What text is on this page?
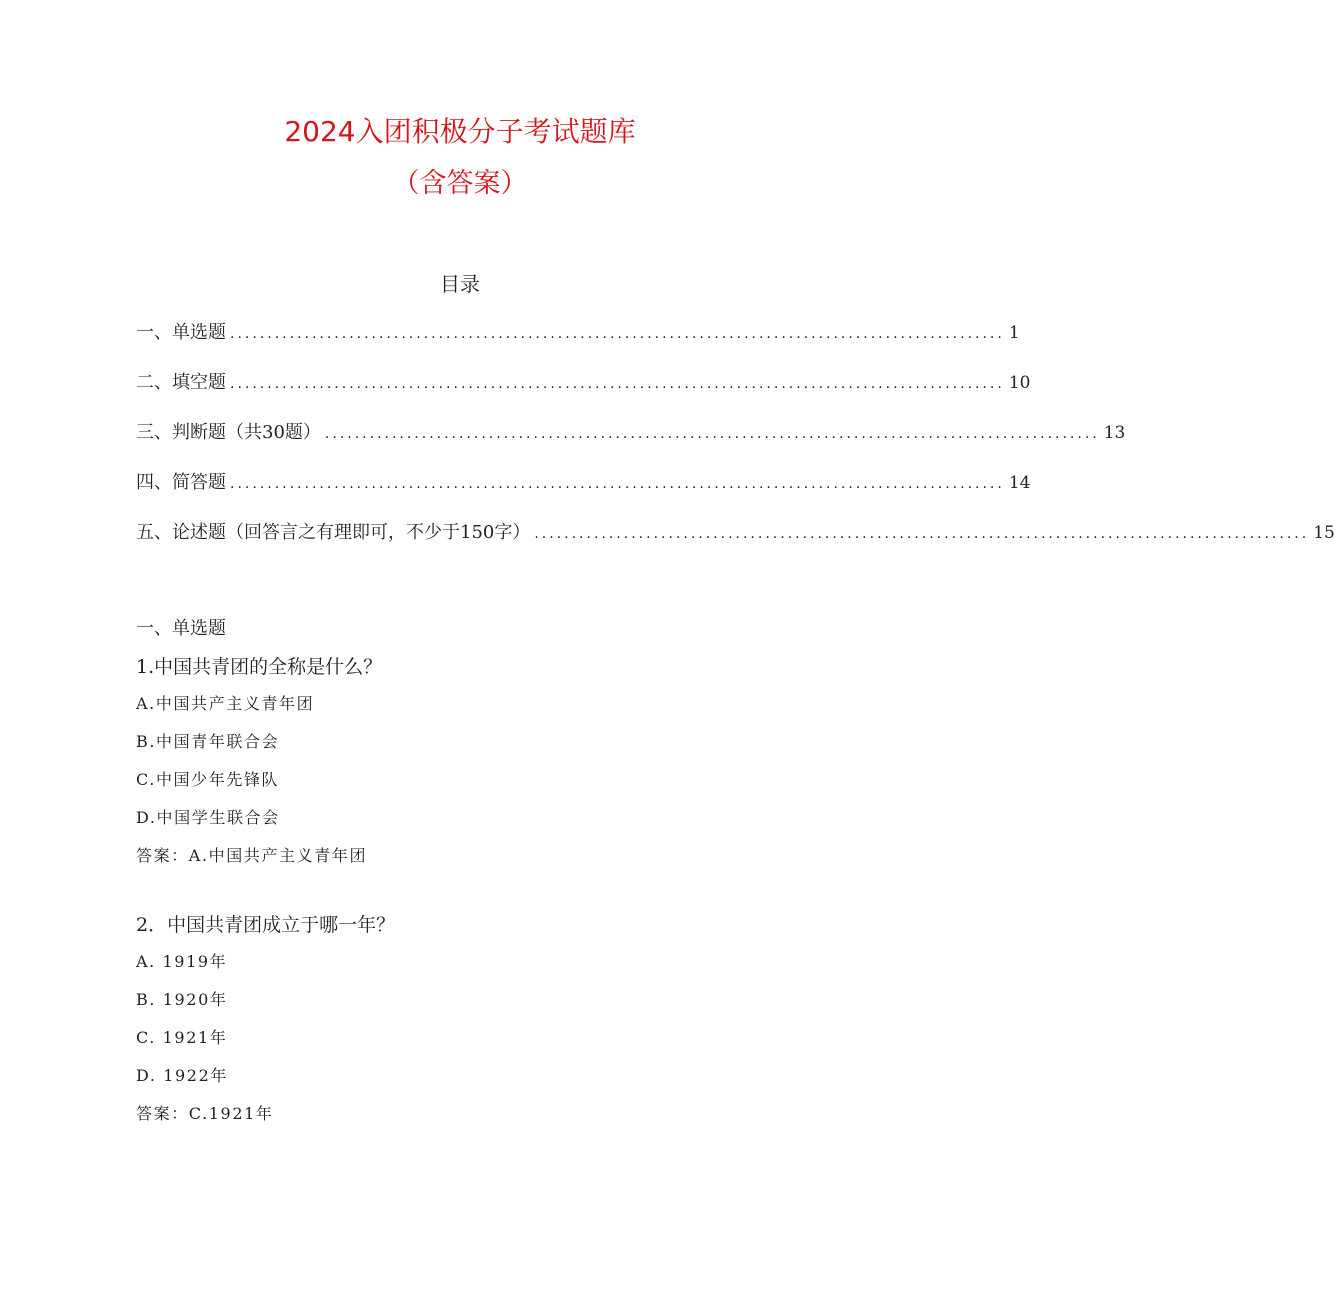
2024入团积极分子考试题库
（含答案）
目录
一、单选题 ........................................................................................................ 1
二、填空题 ........................................................................................................ 10
三、判断题（共30题） ........................................................................................................ 13
四、简答题 ........................................................................................................ 14
五、论述题（回答言之有理即可，不少于150字） ........................................................................................................ 15
一、单选题
1.中国共青团的全称是什么？
A.中国共产主义青年团
B.中国青年联合会
C.中国少年先锋队
D.中国学生联合会
答案：A.中国共产主义青年团
2．中国共青团成立于哪一年？
A. 1919年
B. 1920年
C. 1921年
D. 1922年
答案：C.1921年
